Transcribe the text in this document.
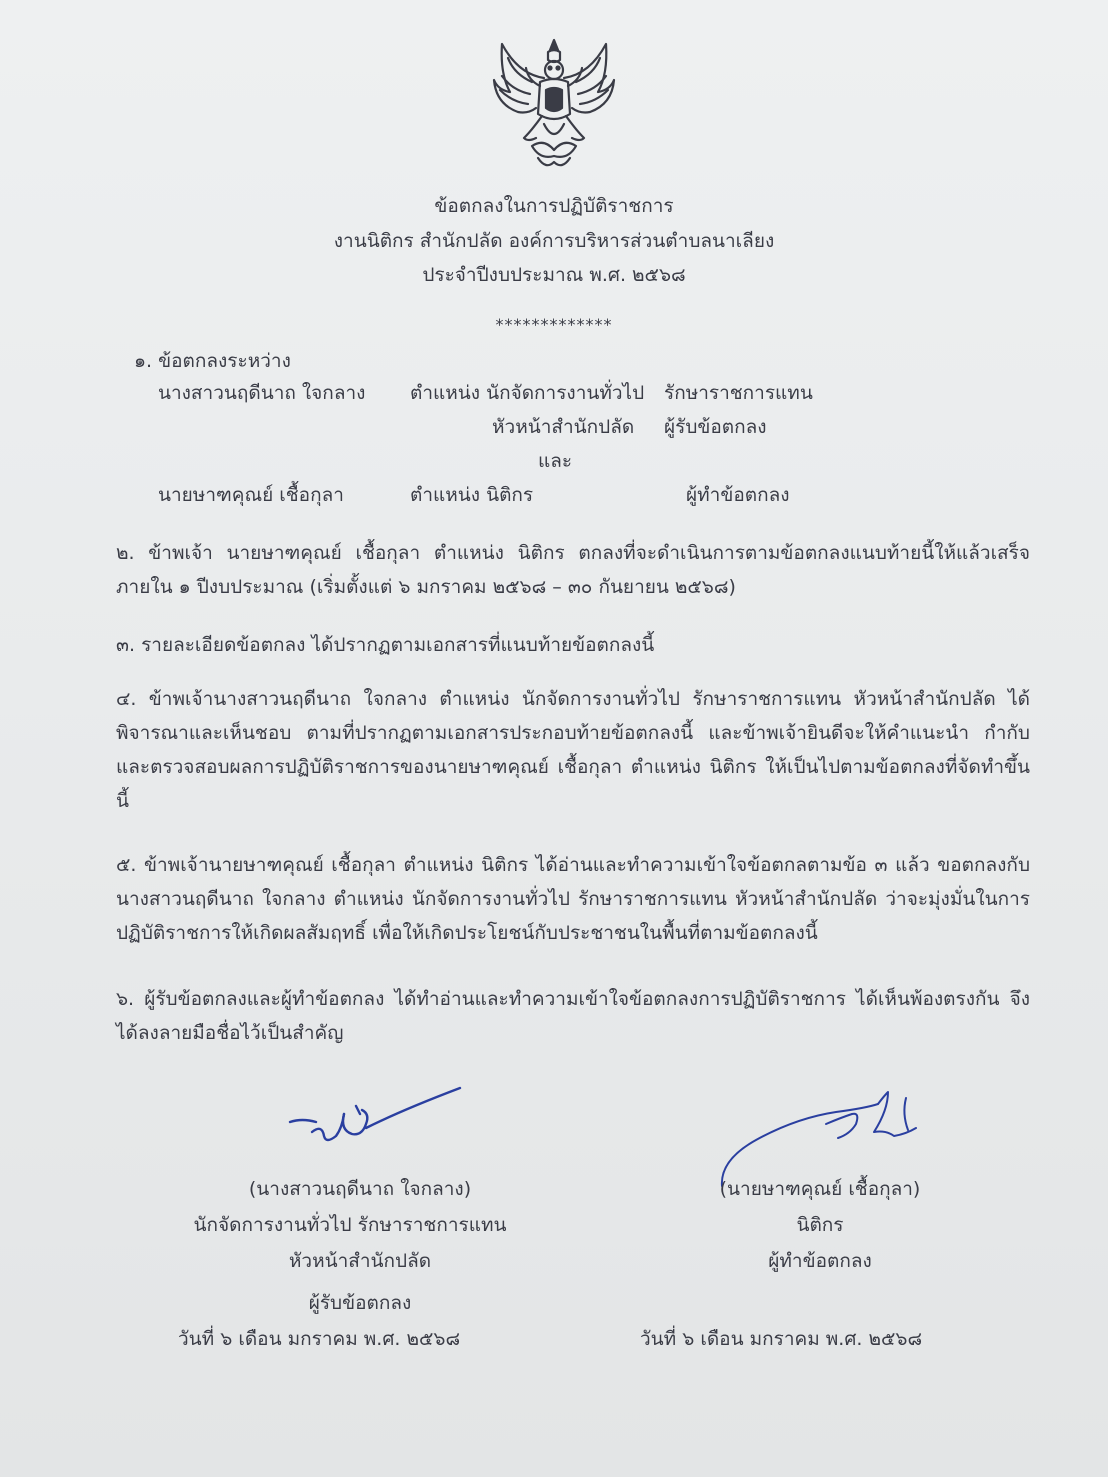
ข้อตกลงในการปฏิบัติราชการ
งานนิติกร สำนักปลัด องค์การบริหารส่วนตำบลนาเลียง
ประจำปีงบประมาณ พ.ศ. ๒๕๖๘
*************
๑. ข้อตกลงระหว่าง
นางสาวนฤดีนาถ ใจกลาง ตำแหน่ง นักจัดการงานทั่วไป รักษาราชการแทน
หัวหน้าสำนักปลัด ผู้รับข้อตกลง
และ
นายษาฑคุณย์ เชื้อกุลา	ตำแหน่ง นิติกร	ผู้ทำข้อตกลง
๒. ข้าพเจ้า นายษาฑคุณย์ เชื้อกุลา ตำแหน่ง นิติกร ตกลงที่จะดำเนินการตามข้อตกลงแนบท้ายนี้ให้แล้วเสร็จภายใน ๑ ปีงบประมาณ (เริ่มตั้งแต่ ๖ มกราคม ๒๕๖๘ – ๓๐ กันยายน ๒๕๖๘)
๓. รายละเอียดข้อตกลง ได้ปรากฏตามเอกสารที่แนบท้ายข้อตกลงนี้
๔. ข้าพเจ้านางสาวนฤดีนาถ ใจกลาง ตำแหน่ง นักจัดการงานทั่วไป รักษาราชการแทน หัวหน้าสำนักปลัด ได้พิจารณาและเห็นชอบ ตามที่ปรากฏตามเอกสารประกอบท้ายข้อตกลงนี้ และข้าพเจ้ายินดีจะให้คำแนะนำ กำกับ และตรวจสอบผลการปฏิบัติราชการของนายษาฑคุณย์ เชื้อกุลา ตำแหน่ง นิติกร ให้เป็นไปตามข้อตกลงที่จัดทำขึ้นนี้
๕. ข้าพเจ้านายษาฑคุณย์ เชื้อกุลา ตำแหน่ง นิติกร ได้อ่านและทำความเข้าใจข้อตกลตามข้อ ๓ แล้ว ขอตกลงกับนางสาวนฤดีนาถ ใจกลาง ตำแหน่ง นักจัดการงานทั่วไป รักษาราชการแทน หัวหน้าสำนักปลัด ว่าจะมุ่งมั่นในการปฏิบัติราชการให้เกิดผลสัมฤทธิ์ เพื่อให้เกิดประโยชน์กับประชาชนในพื้นที่ตามข้อตกลงนี้
๖. ผู้รับข้อตกลงและผู้ทำข้อตกลง ได้ทำอ่านและทำความเข้าใจข้อตกลงการปฏิบัติราชการ ได้เห็นพ้องตรงกัน จึงได้ลงลายมือชื่อไว้เป็นสำคัญ
(นางสาวนฤดีนาถ ใจกลาง)
นักจัดการงานทั่วไป รักษาราชการแทน
หัวหน้าสำนักปลัด
ผู้รับข้อตกลง
วันที่ ๖ เดือน มกราคม พ.ศ. ๒๕๖๘
(นายษาฑคุณย์ เชื้อกุลา)
นิติกร
ผู้ทำข้อตกลง
วันที่ ๖ เดือน มกราคม พ.ศ. ๒๕๖๘
